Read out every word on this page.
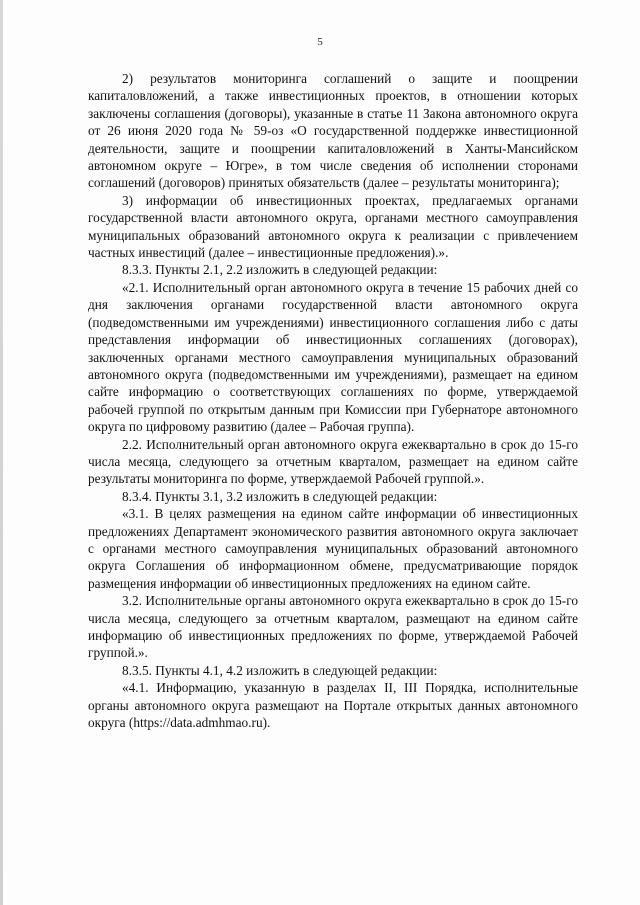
5

2) результатов мониторинга соглашений о защите и поощрении капиталовложений, а также инвестиционных проектов, в отношении которых заключены соглашения (договоры), указанные в статье 11 Закона автономного округа от 26 июня 2020 года № 59-оз «О государственной поддержке инвестиционной деятельности, защите и поощрении капиталовложений в Ханты-Мансийском автономном округе – Югре», в том числе сведения об исполнении сторонами соглашений (договоров) принятых обязательств (далее – результаты мониторинга);

3) информации об инвестиционных проектах, предлагаемых органами государственной власти автономного округа, органами местного самоуправления муниципальных образований автономного округа к реализации с привлечением частных инвестиций (далее – инвестиционные предложения).».

8.3.3. Пункты 2.1, 2.2 изложить в следующей редакции:

«2.1. Исполнительный орган автономного округа в течение 15 рабочих дней со дня заключения органами государственной власти автономного округа (подведомственными им учреждениями) инвестиционного соглашения либо с даты представления информации об инвестиционных соглашениях (договорах), заключенных органами местного самоуправления муниципальных образований автономного округа (подведомственными им учреждениями), размещает на едином сайте информацию о соответствующих соглашениях по форме, утверждаемой рабочей группой по открытым данным при Комиссии при Губернаторе автономного округа по цифровому развитию (далее – Рабочая группа).

2.2. Исполнительный орган автономного округа ежеквартально в срок до 15-го числа месяца, следующего за отчетным кварталом, размещает на едином сайте результаты мониторинга по форме, утверждаемой Рабочей группой.».

8.3.4. Пункты 3.1, 3.2 изложить в следующей редакции:

«3.1. В целях размещения на едином сайте информации об инвестиционных предложениях Департамент экономического развития автономного округа заключает с органами местного самоуправления муниципальных образований автономного округа Соглашения об информационном обмене, предусматривающие порядок размещения информации об инвестиционных предложениях на едином сайте.

3.2. Исполнительные органы автономного округа ежеквартально в срок до 15-го числа месяца, следующего за отчетным кварталом, размещают на едином сайте информацию об инвестиционных предложениях по форме, утверждаемой Рабочей группой.».

8.3.5. Пункты 4.1, 4.2 изложить в следующей редакции:

«4.1. Информацию, указанную в разделах II, III Порядка, исполнительные органы автономного округа размещают на Портале открытых данных автономного округа (https://data.admhmao.ru).
